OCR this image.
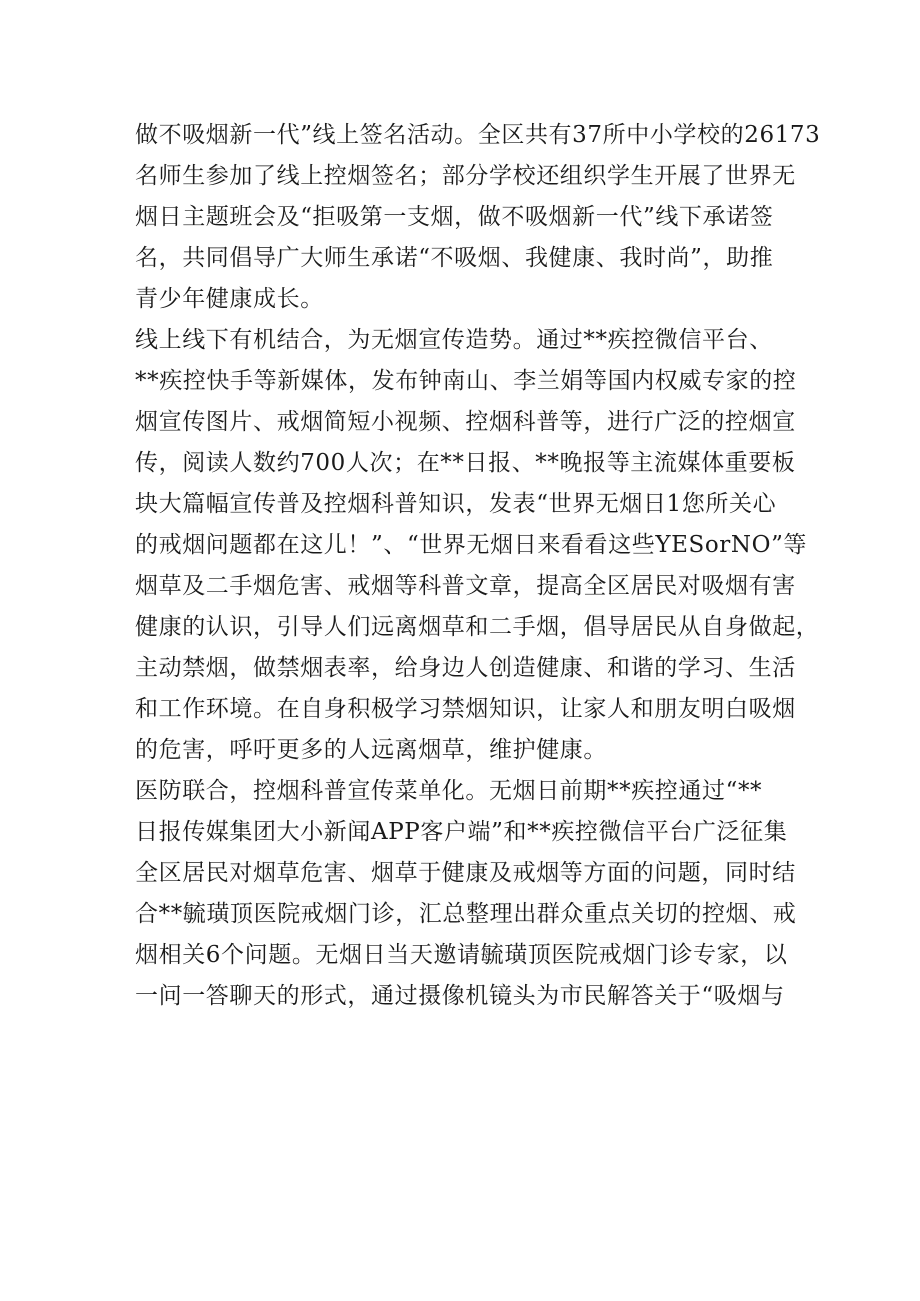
做不吸烟新一代”线上签名活动。全区共有37所中小学校的26173
名师生参加了线上控烟签名；部分学校还组织学生开展了世界无
烟日主题班会及“拒吸第一支烟，做不吸烟新一代”线下承诺签
名，共同倡导广大师生承诺“不吸烟、我健康、我时尚”，助推
青少年健康成长。
线上线下有机结合，为无烟宣传造势。通过**疾控微信平台、
**疾控快手等新媒体，发布钟南山、李兰娟等国内权威专家的控
烟宣传图片、戒烟简短小视频、控烟科普等，进行广泛的控烟宣
传，阅读人数约700人次；在**日报、**晚报等主流媒体重要板
块大篇幅宣传普及控烟科普知识，发表“世界无烟日1您所关心
的戒烟问题都在这儿！”、“世界无烟日来看看这些YESorNO”等
烟草及二手烟危害、戒烟等科普文章，提高全区居民对吸烟有害
健康的认识，引导人们远离烟草和二手烟，倡导居民从自身做起，
主动禁烟，做禁烟表率，给身边人创造健康、和谐的学习、生活
和工作环境。在自身积极学习禁烟知识，让家人和朋友明白吸烟
的危害，呼吁更多的人远离烟草，维护健康。
医防联合，控烟科普宣传菜单化。无烟日前期**疾控通过“**
日报传媒集团大小新闻APP客户端”和**疾控微信平台广泛征集
全区居民对烟草危害、烟草于健康及戒烟等方面的问题，同时结
合**毓璜顶医院戒烟门诊，汇总整理出群众重点关切的控烟、戒
烟相关6个问题。无烟日当天邀请毓璜顶医院戒烟门诊专家，以
一问一答聊天的形式，通过摄像机镜头为市民解答关于“吸烟与
